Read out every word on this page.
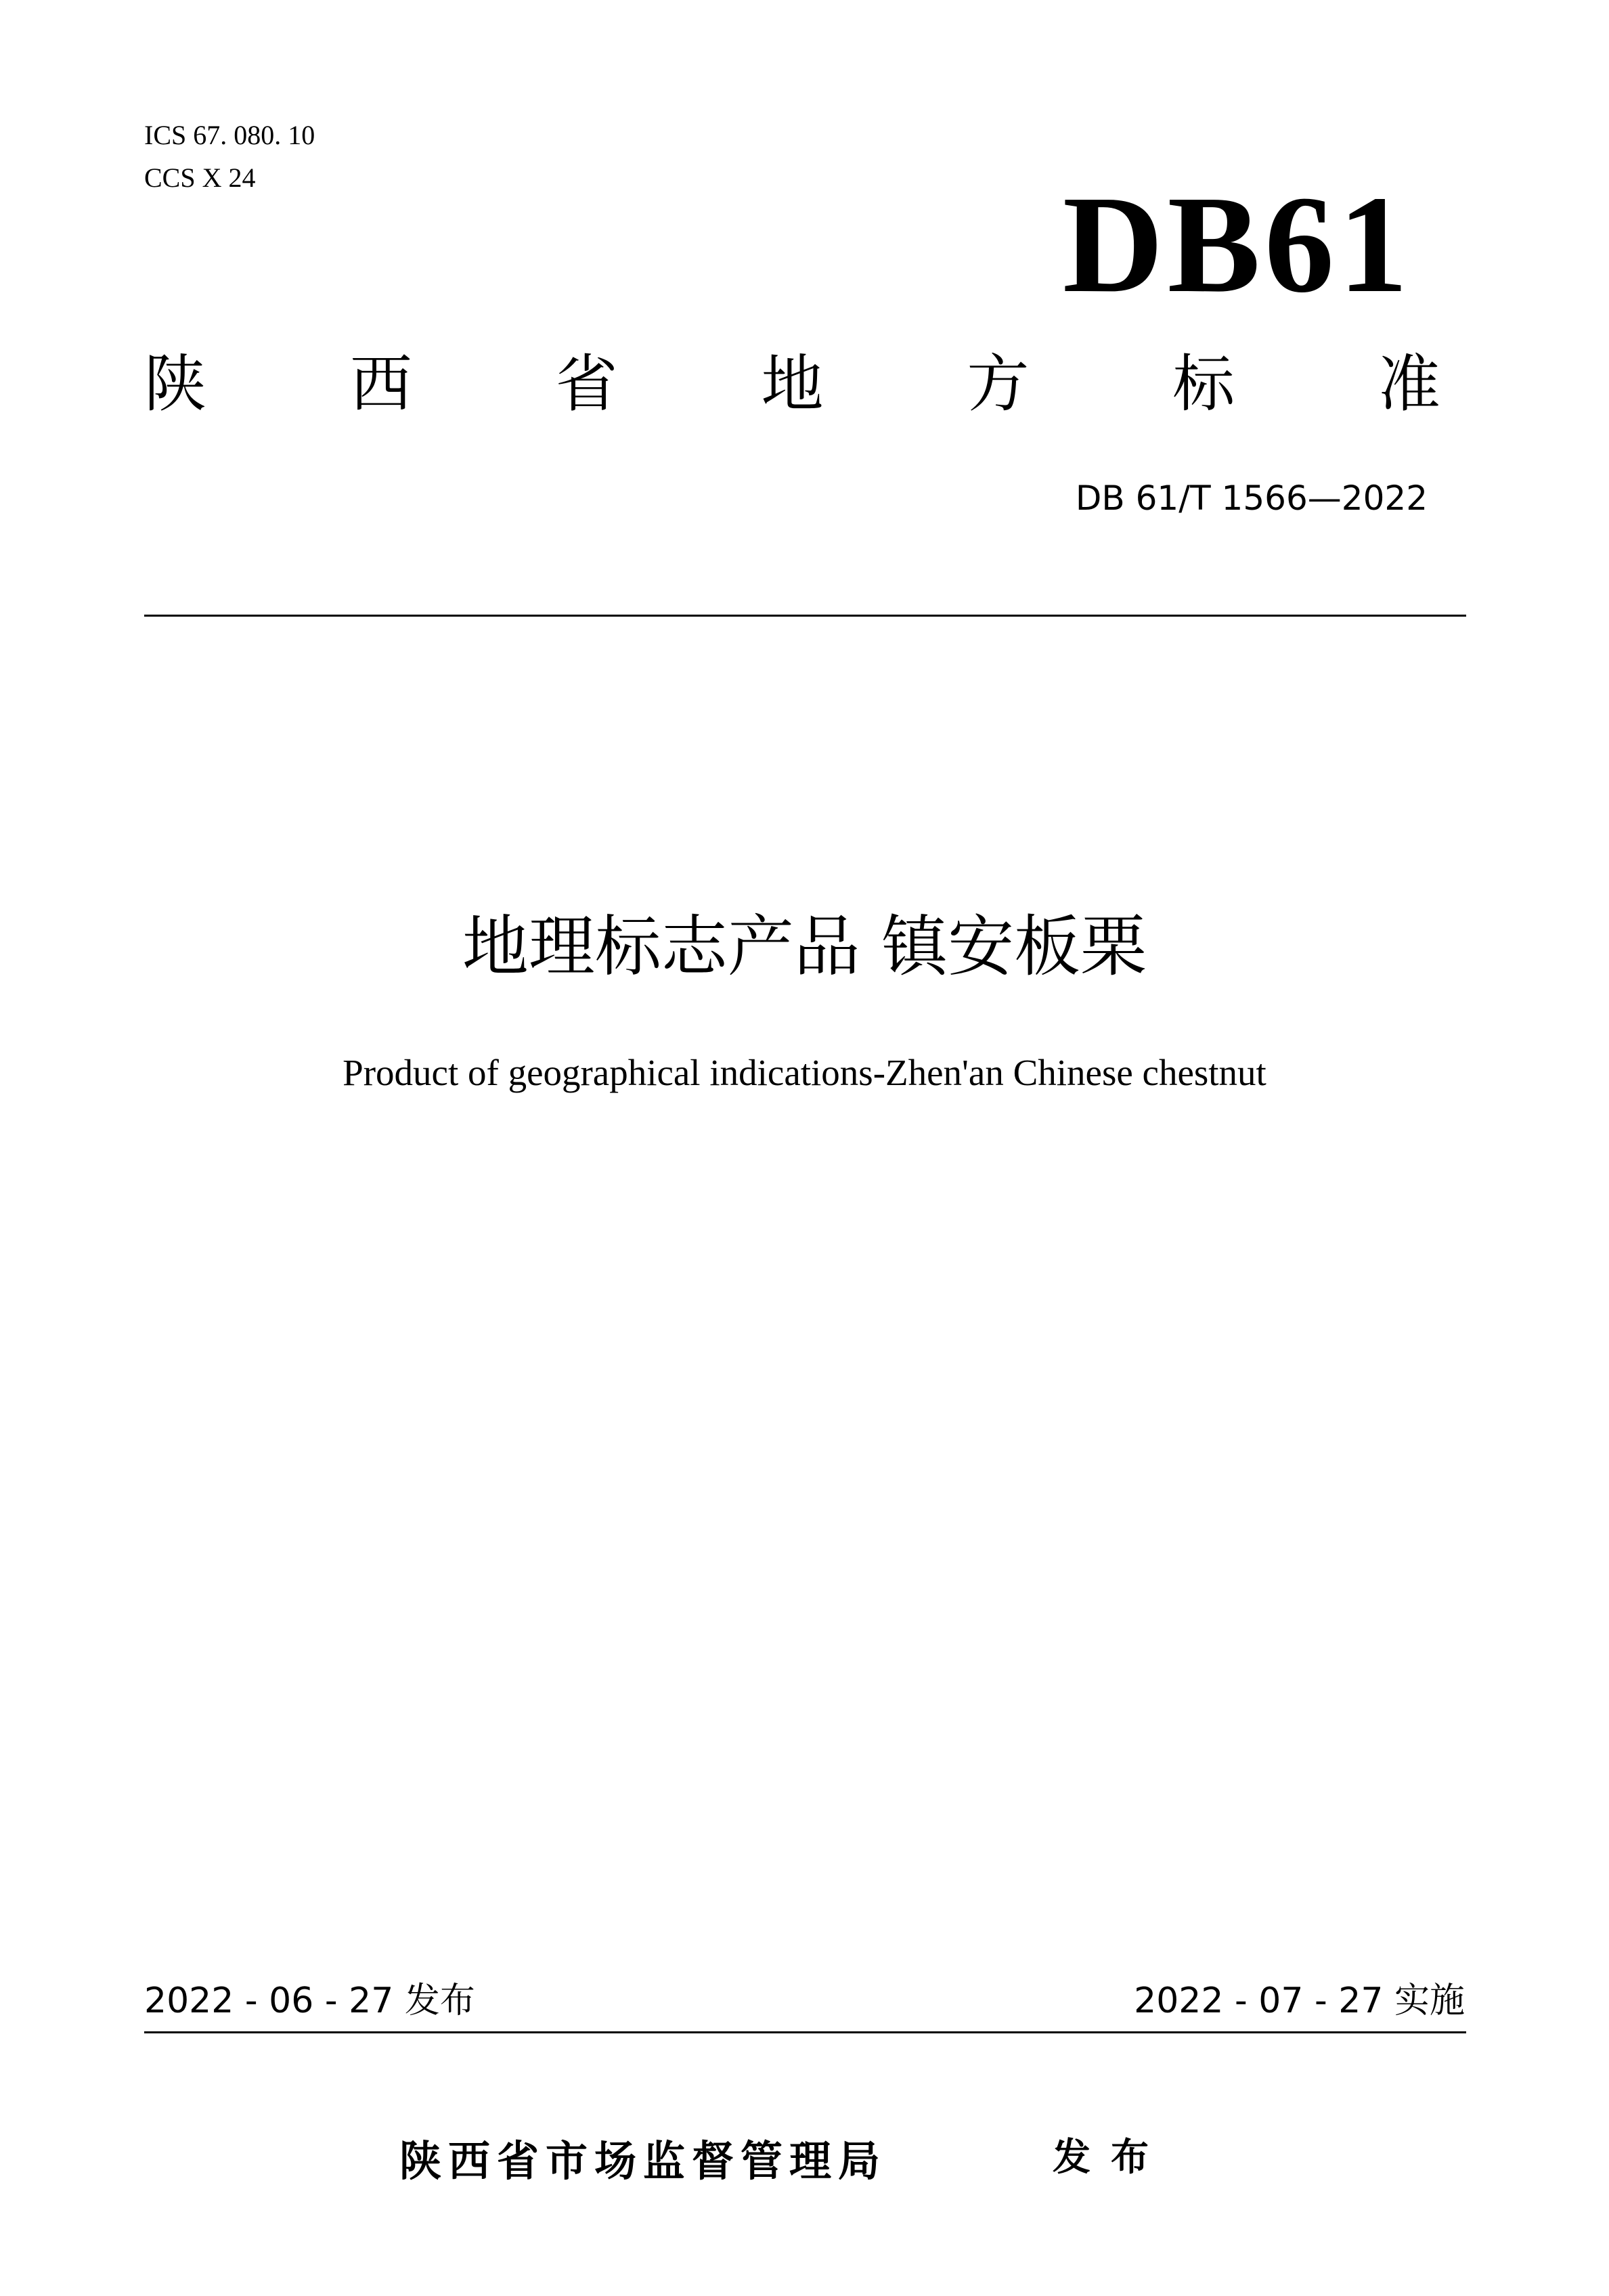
ICS 67. 080. 10
CCS X 24	DB61
陕 西 省 地 方 标 准
DB 61/T 1566—2022
地理标志产品 镇安板栗
Product of geographical indications-Zhen'an Chinese chestnut
2022 - 06 - 27 发布	2022 - 07 - 27 实施
陕西省市场监督管理局	发布
